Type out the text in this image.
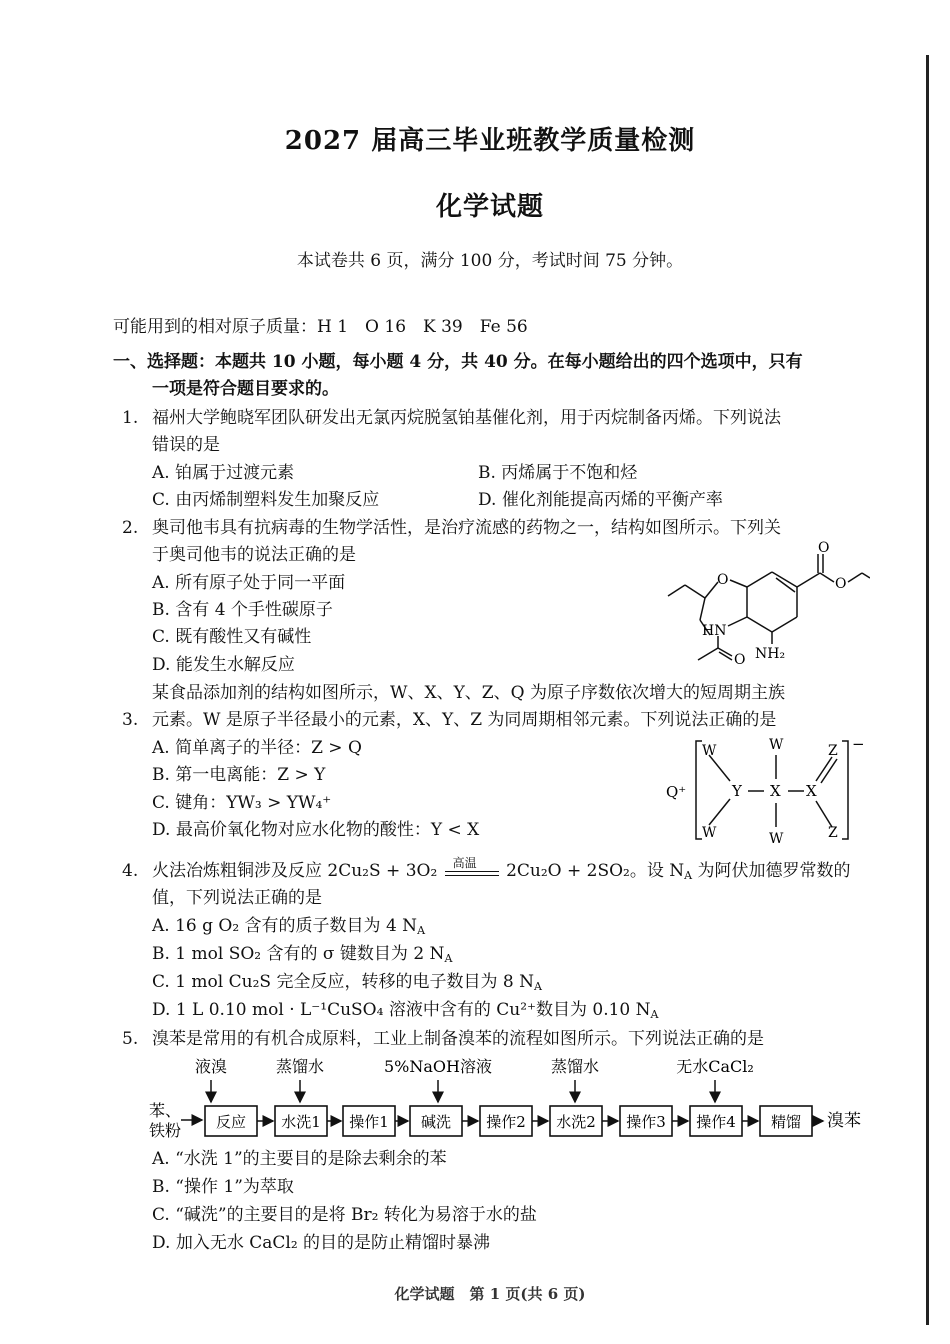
2027 届高三毕业班教学质量检测
化学试题
本试卷共 6 页，满分 100 分，考试时间 75 分钟。
可能用到的相对原子质量：H 1　O 16　K 39　Fe 56
一、选择题：本题共 10 小题，每小题 4 分，共 40 分。在每小题给出的四个选项中，只有
一项是符合题目要求的。
1. 福州大学鲍晓军团队研发出无氯丙烷脱氢铂基催化剂，用于丙烷制备丙烯。下列说法
错误的是
A. 铂属于过渡元素	B. 丙烯属于不饱和烃
C. 由丙烯制塑料发生加聚反应	D. 催化剂能提高丙烯的平衡产率
2. 奥司他韦具有抗病毒的生物学活性，是治疗流感的药物之一，结构如图所示。下列关
于奥司他韦的说法正确的是
A. 所有原子处于同一平面
B. 含有 4 个手性碳原子
C. 既有酸性又有碱性
D. 能发生水解反应
O
O
O
O
HN
NH₂
3.
某食品添加剂的结构如图所示，W、X、Y、Z、Q 为原子序数依次增大的短周期主族
元素。W 是原子半径最小的元素，X、Y、Z 为同周期相邻元素。下列说法正确的是
A. 简单离子的半径：Z > Q
B. 第一电离能：Z > Y
C. 键角：YW₃ > YW₄⁺
D. 最高价氧化物对应水化物的酸性：Y < X
Q⁺
W
W
Y
W
X
W
X
Z
Z
−
4. 火法冶炼粗铜涉及反应 2Cu₂S + 3O₂ 高温 2Cu₂O + 2SO₂。设 $N_A$ 为阿伏加德罗常数的
值，下列说法正确的是
A. 16 g O₂ 含有的质子数目为 4 $N_A$
B. 1 mol SO₂ 含有的 σ 键数目为 2 $N_A$
C. 1 mol Cu₂S 完全反应，转移的电子数目为 8 $N_A$
D. 1 L 0.10 mol · L⁻¹CuSO₄ 溶液中含有的 Cu²⁺数目为 0.10 $N_A$
5. 溴苯是常用的有机合成原料，工业上制备溴苯的流程如图所示。下列说法正确的是
液溴	蒸馏水	5%NaOH溶液	蒸馏水	无水CaCl₂
苯、
铁粉 反应 水洗1 操作1 碱洗 操作2 水洗2 操作3 操作4 精馏 溴苯
A. “水洗 1”的主要目的是除去剩余的苯
B. “操作 1”为萃取
C. “碱洗”的主要目的是将 Br₂ 转化为易溶于水的盐
D. 加入无水 CaCl₂ 的目的是防止精馏时暴沸
化学试题　第 1 页(共 6 页)
